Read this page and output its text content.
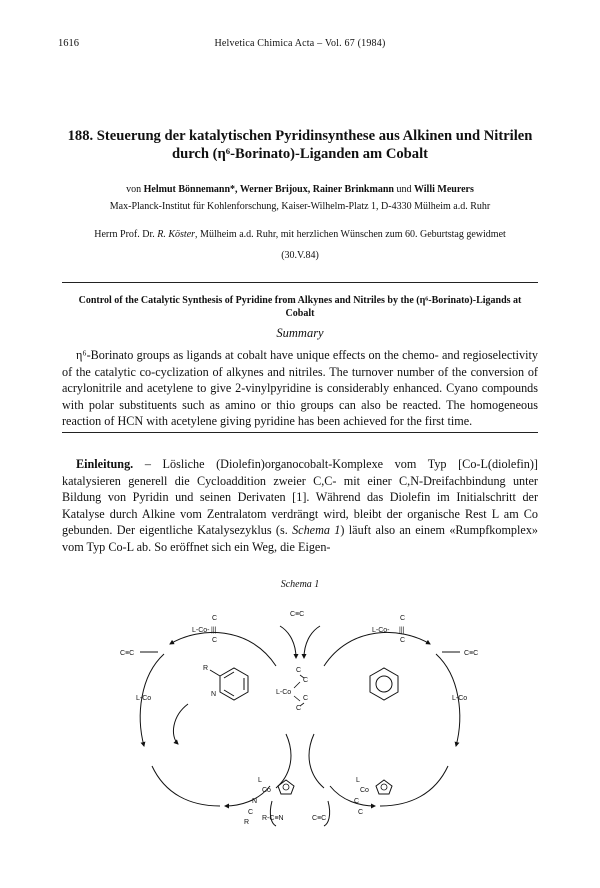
1616	Helvetica Chimica Acta – Vol. 67 (1984)
188. Steuerung der katalytischen Pyridinsynthese aus Alkinen und Nitrilen
durch (η⁶-Borinato)-Liganden am Cobalt
von Helmut Bönnemann*, Werner Brijoux, Rainer Brinkmann und Willi Meurers
Max-Planck-Institut für Kohlenforschung, Kaiser-Wilhelm-Platz 1, D-4330 Mülheim a.d. Ruhr
Herrn Prof. Dr. R. Köster, Mülheim a.d. Ruhr, mit herzlichen Wünschen zum 60. Geburtstag gewidmet
(30.V.84)
Control of the Catalytic Synthesis of Pyridine from Alkynes and Nitriles by the (η⁶-Borinato)-Ligands at Cobalt
Summary
η⁶-Borinato groups as ligands at cobalt have unique effects on the chemo- and regioselectivity of the catalytic co-cyclization of alkynes and nitriles. The turnover number of the conversion of acrylonitrile and acetylene to give 2-vinylpyridine is considerably enhanced. Cyano compounds with polar substituents such as amino or thio groups can also be reacted. The homogeneous reaction of HCN with acetylene giving pyridine has been achieved for the first time.
Einleitung. – Lösliche (Diolefin)organocobalt-Komplexe vom Typ [Co-L(diolefin)] katalysieren generell die Cycloaddition zweier C,C- mit einer C,N-Dreifachbindung unter Bildung von Pyridin und seinen Derivaten [1]. Während das Diolefin im Initialschritt der Katalyse durch Alkine vom Zentralatom verdrängt wird, bleibt der organische Rest L am Co gebunden. Der eigentliche Katalysezyklus (s. Schema 1) läuft also an einem «Rumpfkomplex» vom Typ Co-L ab. So eröffnet sich ein Weg, die Eigen-
Schema 1
C
L-Co- |||
C
C
L-Co- |||
C
C≡C
C≡C	C≡C
L-Co	L-Co
C
C
L-Co
C
C
R
N
L
Co
N
C
R
L
Co
C
C
R-C≡N	C≡C
